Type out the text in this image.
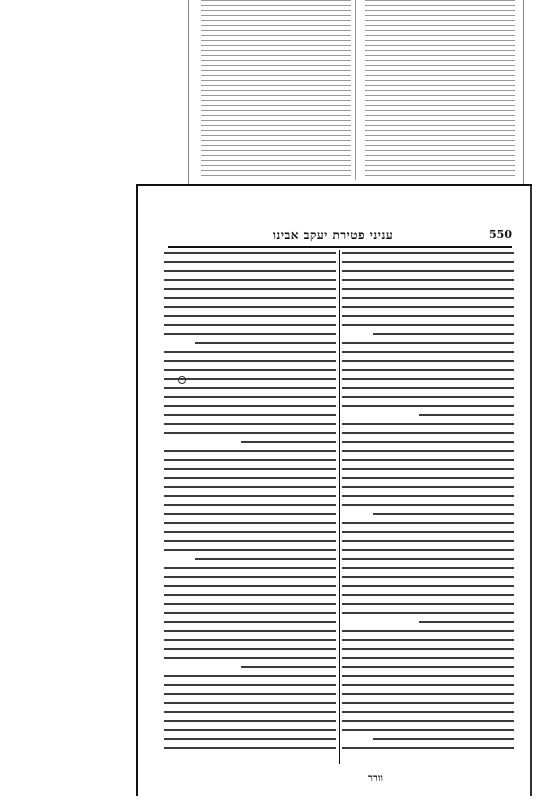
עניני פטירת יעקב אבינו	550
וורר
